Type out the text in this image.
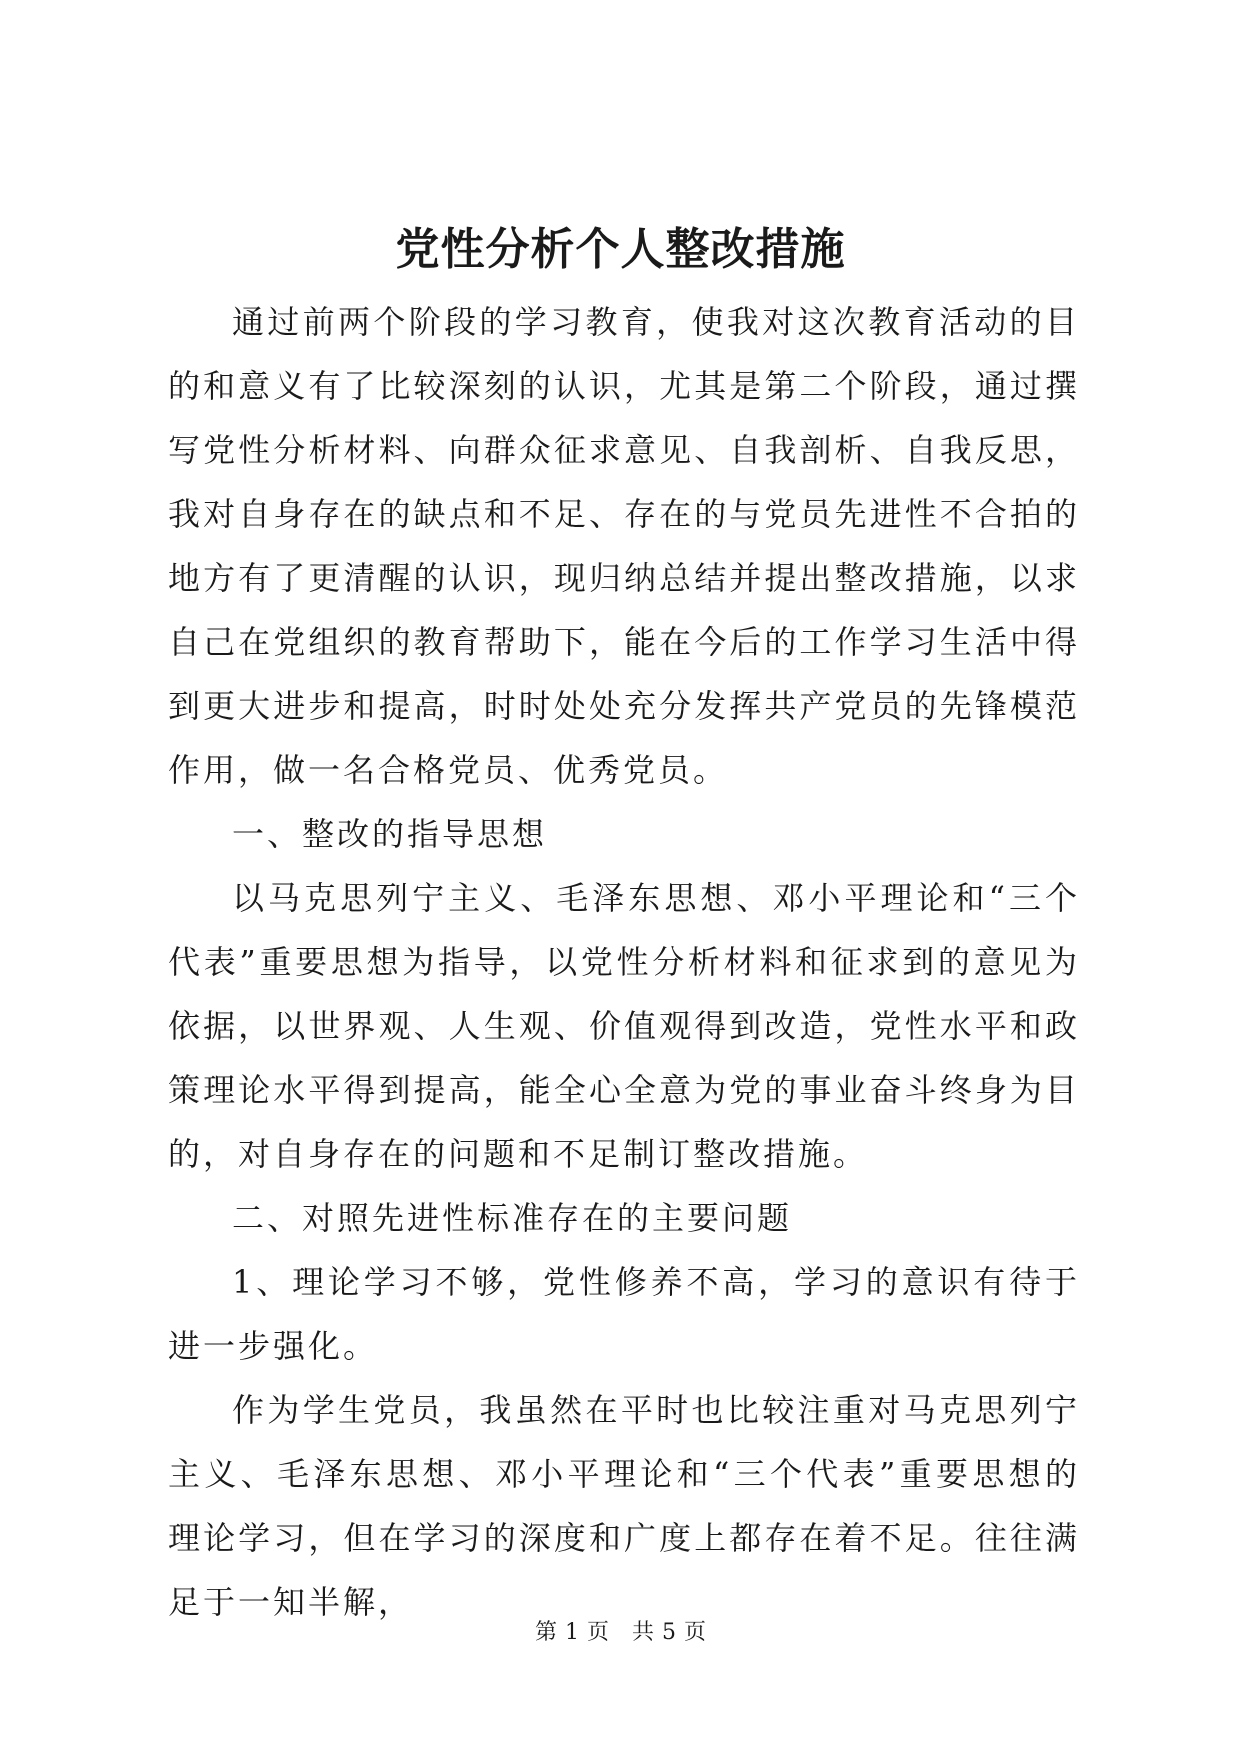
党性分析个人整改措施

通过前两个阶段的学习教育，使我对这次教育活动的目的和意义有了比较深刻的认识，尤其是第二个阶段，通过撰写党性分析材料、向群众征求意见、自我剖析、自我反思，我对自身存在的缺点和不足、存在的与党员先进性不合拍的地方有了更清醒的认识，现归纳总结并提出整改措施，以求自己在党组织的教育帮助下，能在今后的工作学习生活中得到更大进步和提高，时时处处充分发挥共产党员的先锋模范作用，做一名合格党员、优秀党员。

一、整改的指导思想

以马克思列宁主义、毛泽东思想、邓小平理论和“三个代表”重要思想为指导，以党性分析材料和征求到的意见为依据，以世界观、人生观、价值观得到改造，党性水平和政策理论水平得到提高，能全心全意为党的事业奋斗终身为目的，对自身存在的问题和不足制订整改措施。

二、对照先进性标准存在的主要问题

1、理论学习不够，党性修养不高，学习的意识有待于进一步强化。

作为学生党员，我虽然在平时也比较注重对马克思列宁主义、毛泽东思想、邓小平理论和“三个代表”重要思想的理论学习，但在学习的深度和广度上都存在着不足。往往满足于一知半解，

第 1 页 共 5 页
